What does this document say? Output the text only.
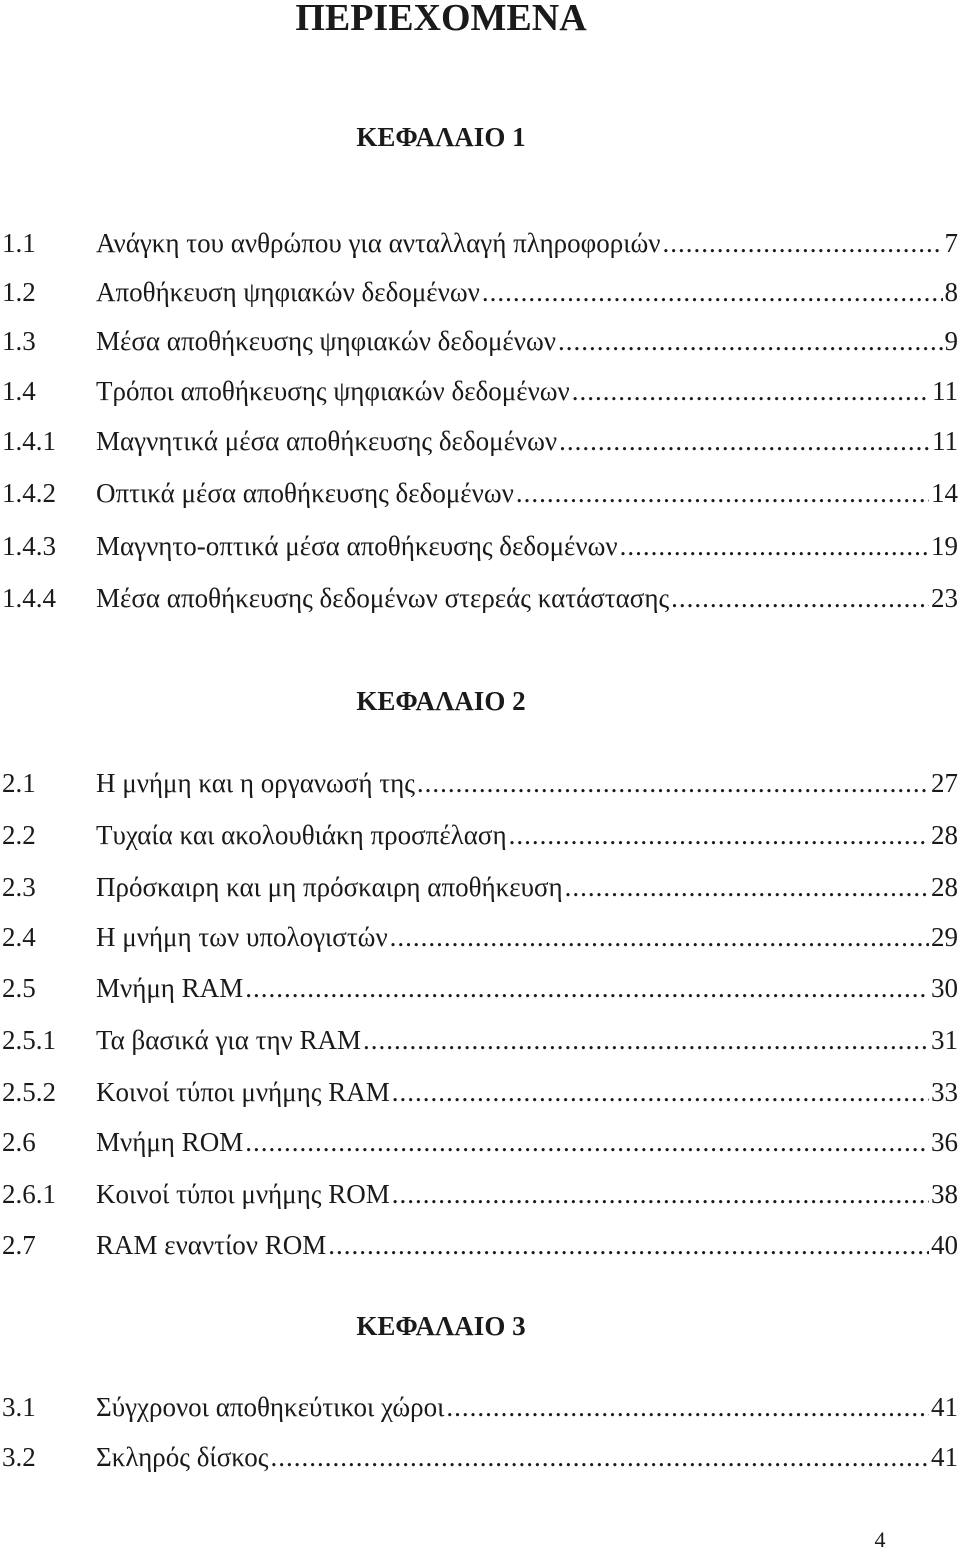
ΠΕΡΙΕΧΟΜΕΝΑ
ΚΕΦΑΛΑΙΟ 1
1.1	Ανάγκη του ανθρώπου για ανταλλαγή πληροφοριών .....	7
1.2	Αποθήκευση ψηφιακών δεδομένων .....	8
1.3	Μέσα αποθήκευσης ψηφιακών δεδομένων .....	9
1.4	Τρόποι αποθήκευσης ψηφιακών δεδομένων .....	11
1.4.1	Μαγνητικά μέσα αποθήκευσης δεδομένων .....	11
1.4.2	Οπτικά μέσα αποθήκευσης δεδομένων .....	14
1.4.3	Μαγνητο-οπτικά μέσα αποθήκευσης δεδομένων .....	19
1.4.4	Μέσα αποθήκευσης δεδομένων στερεάς κατάστασης .....	23
ΚΕΦΑΛΑΙΟ 2
2.1	Η μνήμη και η οργανωσή της .....	27
2.2	Τυχαία και ακολουθιάκη προσπέλαση .....	28
2.3	Πρόσκαιρη και μη πρόσκαιρη αποθήκευση .....	28
2.4	Η μνήμη των υπολογιστών .....	29
2.5	Μνήμη RAM .....	30
2.5.1	Τα βασικά για την RAM .....	31
2.5.2	Κοινοί τύποι μνήμης RAM .....	33
2.6	Μνήμη ROM .....	36
2.6.1	Κοινοί τύποι μνήμης ROM .....	38
2.7	RAM εναντίον ROM .....	40
ΚΕΦΑΛΑΙΟ 3
3.1	Σύγχρονοι αποθηκεύτικοι χώροι .....	41
3.2	Σκληρός δίσκος .....	41
4
